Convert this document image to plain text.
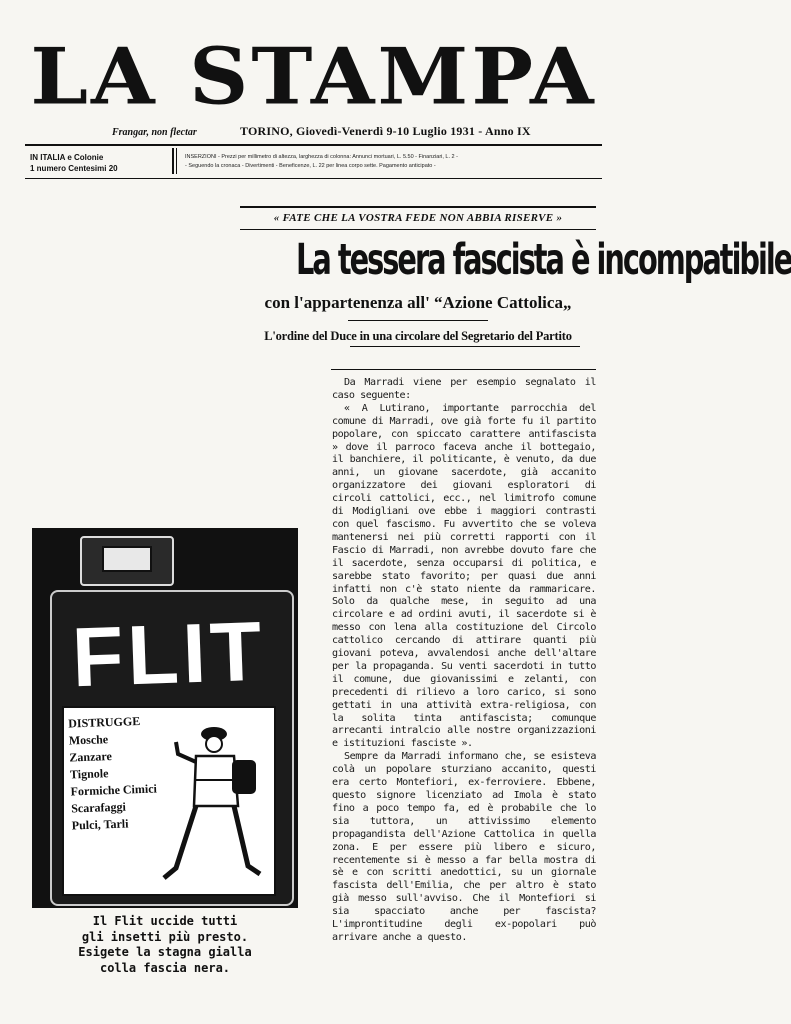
LA STAMPA
Frangar, non flectar	TORINO, Giovedì-Venerdì 9-10 Luglio 1931 - Anno IX
IN ITALIA e Colonie
1 numero Centesimi 20
INSERZIONI - Prezzi per millimetro di altezza, larghezza di colonna: Annunci mortuari, L. 5.50 - Finanziari, L. 2 -
- Seguendo la cronaca - Divertimenti - Beneficenze, L. 22 per linea corpo sette. Pagamento anticipato -
« FATE CHE LA VOSTRA FEDE NON ABBIA RISERVE »
La tessera fascista è incompatibile
con l'appartenenza all' “Azione Cattolica„
L'ordine del Duce in una circolare del Segretario del Partito

Da Marradi viene per esempio segnalato il caso seguente:

« A Lutirano, importante parrocchia del comune di Marradi, ove già forte fu il partito popolare, con spiccato carattere antifascista » dove il parroco faceva anche il bottegaio, il banchiere, il politicante, è venuto, da due anni, un giovane sacerdote, già accanito organizzatore dei giovani esploratori di circoli cattolici, ecc., nel limitrofo comune di Modigliani ove ebbe i maggiori contrasti con quel fascismo. Fu avvertito che se voleva mantenersi nei più corretti rapporti con il Fascio di Marradi, non avrebbe dovuto fare che il sacerdote, senza occuparsi di politica, e sarebbe stato favorito; per quasi due anni infatti non c'è stato niente da rammaricare. Solo da qualche mese, in seguito ad una circolare e ad ordini avuti, il sacerdote si è messo con lena alla costituzione del Circolo cattolico cercando di attirare quanti più giovani poteva, avvalendosi anche dell'altare per la propaganda. Su venti sacerdoti in tutto il comune, due giovanissimi e zelanti, con precedenti di rilievo a loro carico, si sono gettati in una attività extra-religiosa, con la solita tinta antifascista; comunque arrecanti intralcio alle nostre organizzazioni e istituzioni fasciste ».

Sempre da Marradi informano che, se esisteva colà un popolare sturziano accanito, questi era certo Montefiori, ex-ferroviere. Ebbene, questo signore licenziato ad Imola è stato fino a poco tempo fa, ed è probabile che lo sia tuttora, un attivissimo elemento propagandista dell'Azione Cattolica in quella zona. E per essere più libero e sicuro, recentemente si è messo a far bella mostra di sè e con scritti anedottici, su un giornale fascista dell'Emilia, che per altro è stato già messo sull'avviso. Che il Montefiori si sia spacciato anche per fascista? L'improntitudine degli ex-popolari può arrivare anche a questo.

FLIT
DISTRUGGE
Mosche
Zanzare
Tignole
Formiche Cimici
Scarafaggi
Pulci, Tarli
Il Flit uccide tutti
gli insetti più presto.
Esigete la stagna gialla
colla fascia nera.
